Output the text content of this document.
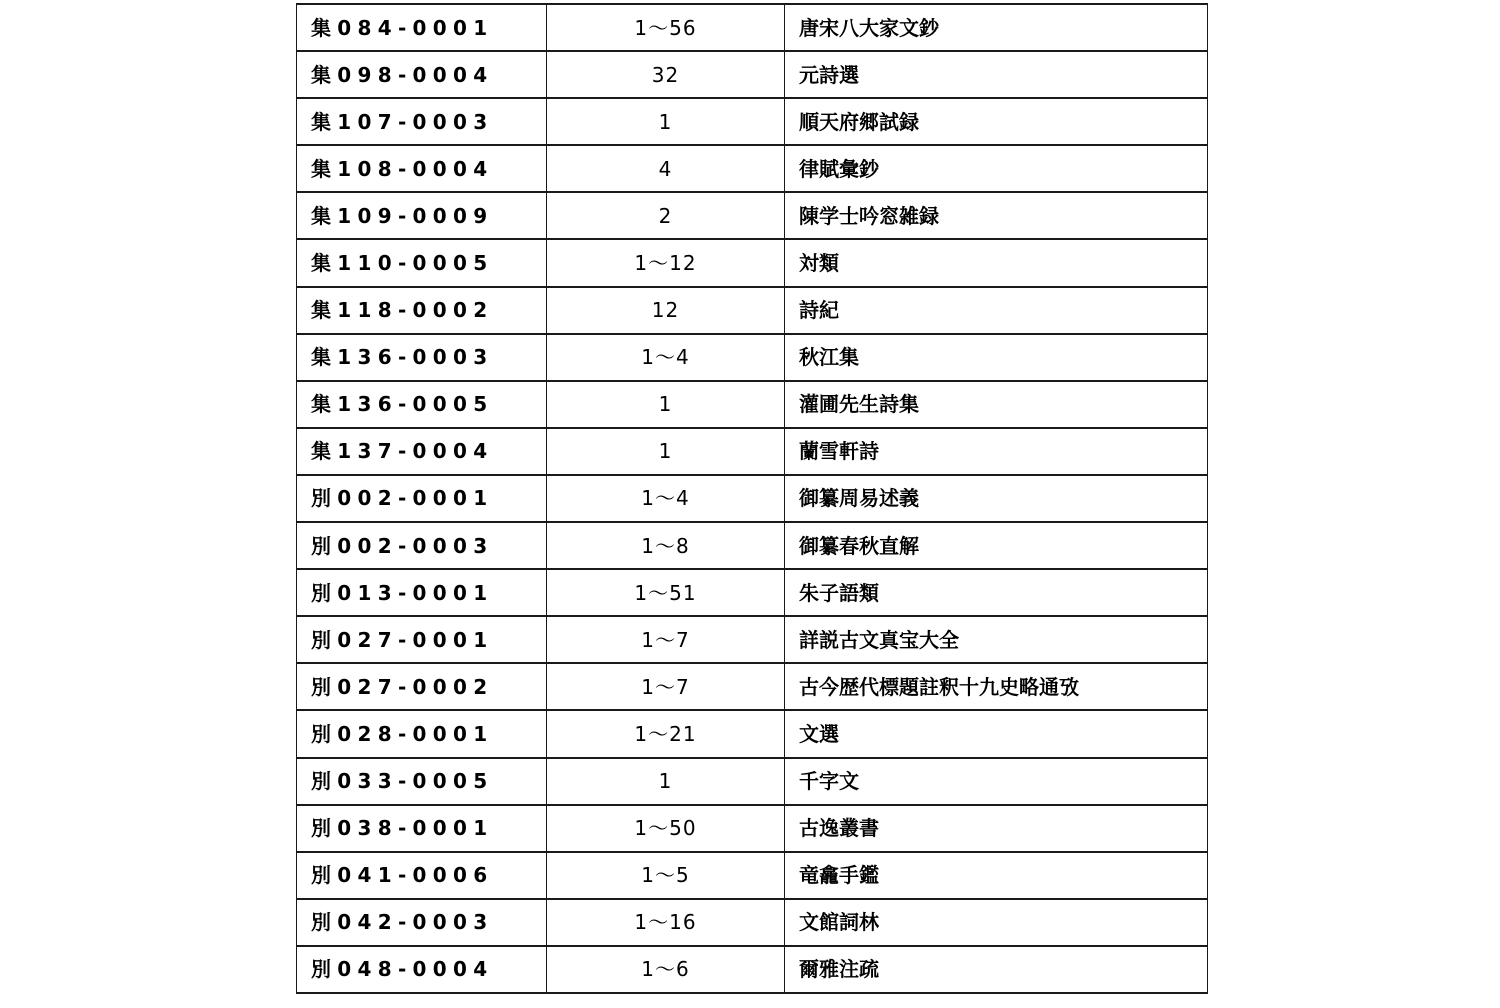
集084-0001	1～56	唐宋八大家文鈔
集098-0004	32	元詩選
集107-0003	1	順天府郷試録
集108-0004	4	律賦彙鈔
集109-0009	2	陳学士吟窓雑録
集110-0005	1～12	対類
集118-0002	12	詩紀
集136-0003	1～4	秋江集
集136-0005	1	灌圃先生詩集
集137-0004	1	蘭雪軒詩
別002-0001	1～4	御纂周易述義
別002-0003	1～8	御纂春秋直解
別013-0001	1～51	朱子語類
別027-0001	1～7	詳説古文真宝大全
別027-0002	1～7	古今歴代標題註釈十九史略通攷
別028-0001	1～21	文選
別033-0005	1	千字文
別038-0001	1～50	古逸叢書
別041-0006	1～5	竜龕手鑑
別042-0003	1～16	文館詞林
別048-0004	1～6	爾雅注疏
